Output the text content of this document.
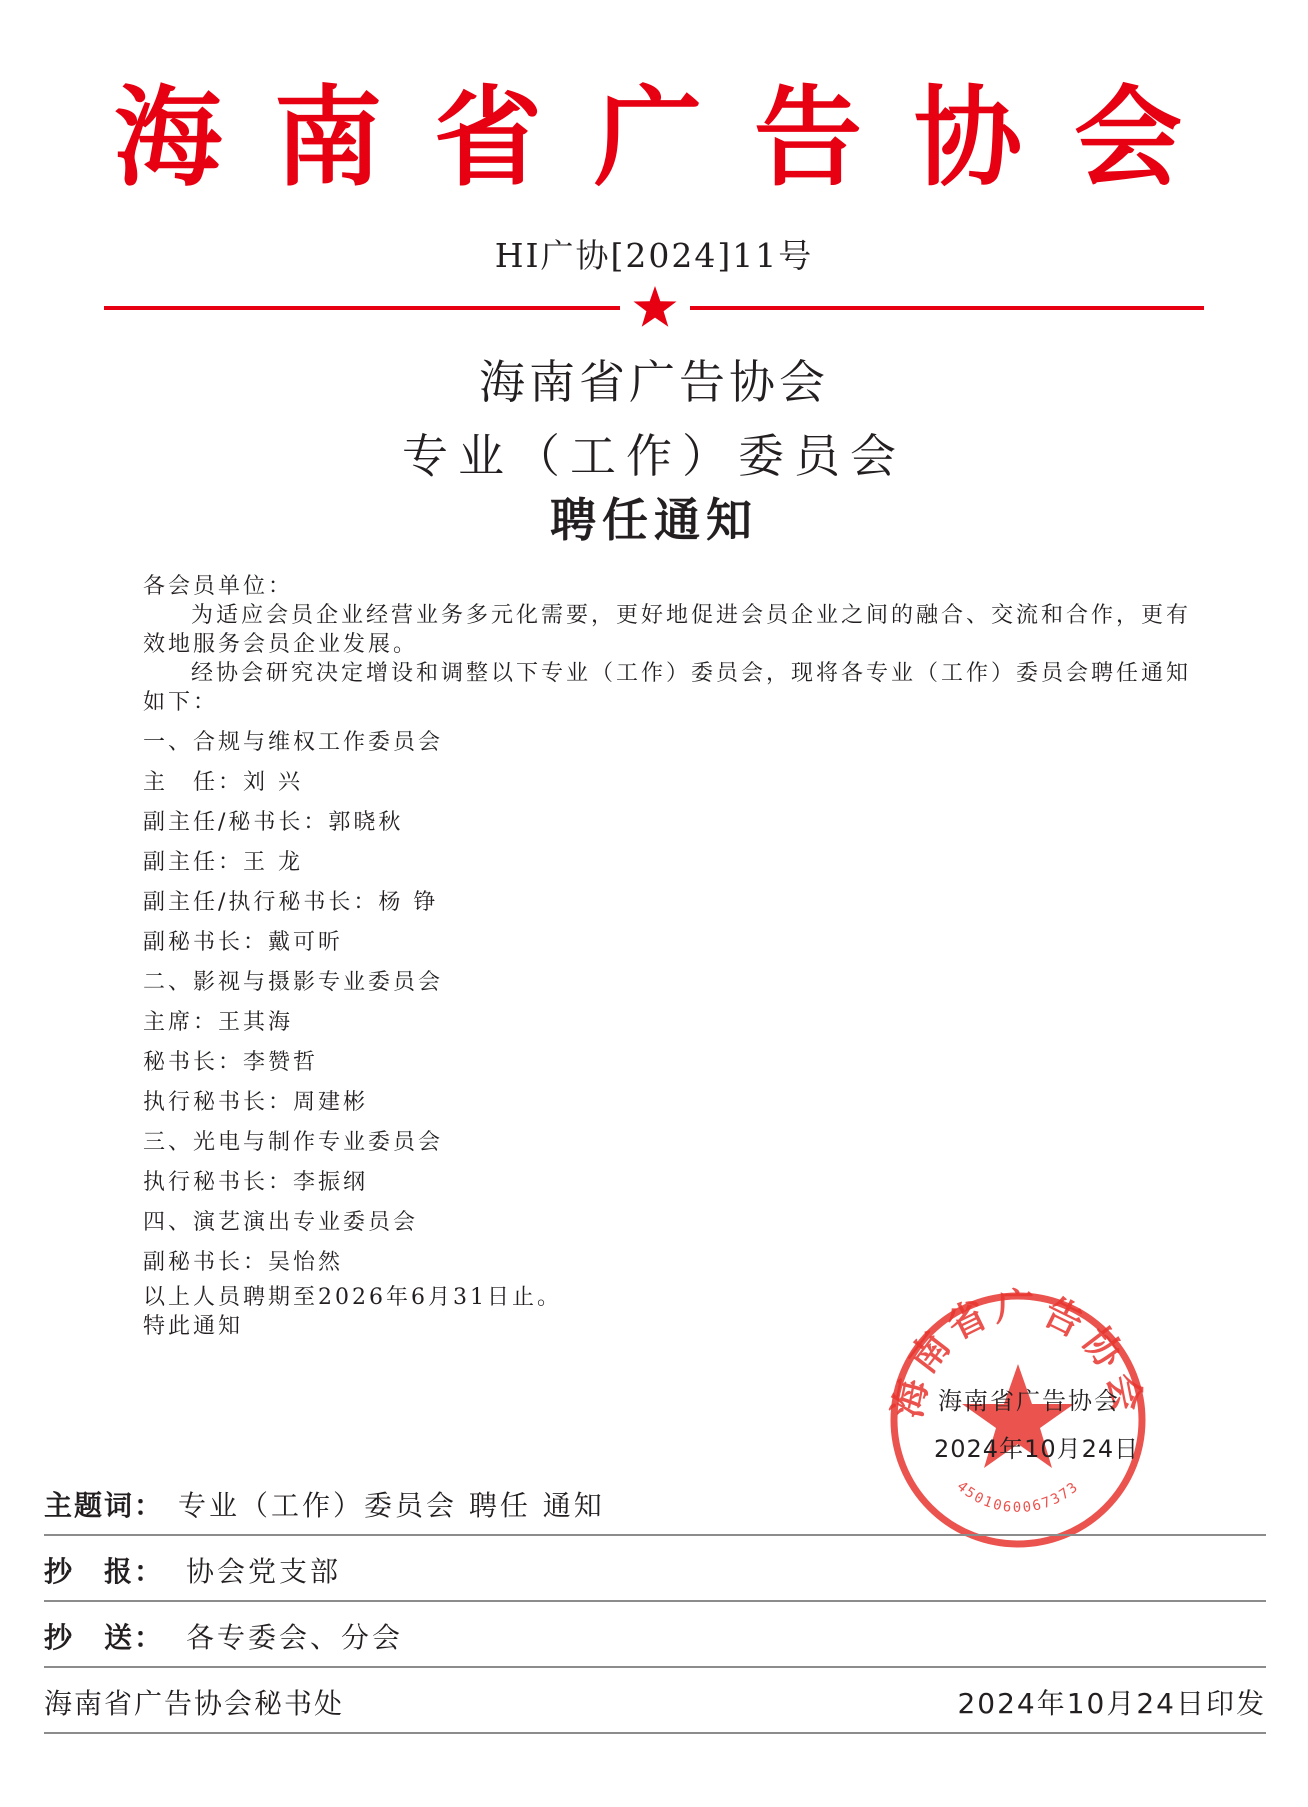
海南省广告协会
HI广协[2024]11号
海南省广告协会
专业（工作）委员会
聘任通知

各会员单位：

为适应会员企业经营业务多元化需要，更好地促进会员企业之间的融合、交流和合作，更有效地服务会员企业发展。

经协会研究决定增设和调整以下专业（工作）委员会，现将各专业（工作）委员会聘任通知如下：

一、合规与维权工作委员会
主　任：刘 兴
副主任/秘书长：郭晓秋
副主任：王 龙
副主任/执行秘书长：杨 铮
副秘书长：戴可昕
二、影视与摄影专业委员会
主席：王其海
秘书长：李赞哲
执行秘书长：周建彬
三、光电与制作专业委员会
执行秘书长：李振纲
四、演艺演出专业委员会
副秘书长：吴怡然

以上人员聘期至2026年6月31日止。

特此通知

海南省广告协会
4501060067373
海南省广告协会
2024年10月24日
主题词： 专业（工作）委员会 聘任 通知
抄　报： 协会党支部
抄　送： 各专委会、分会
海南省广告协会秘书处	2024年10月24日印发
